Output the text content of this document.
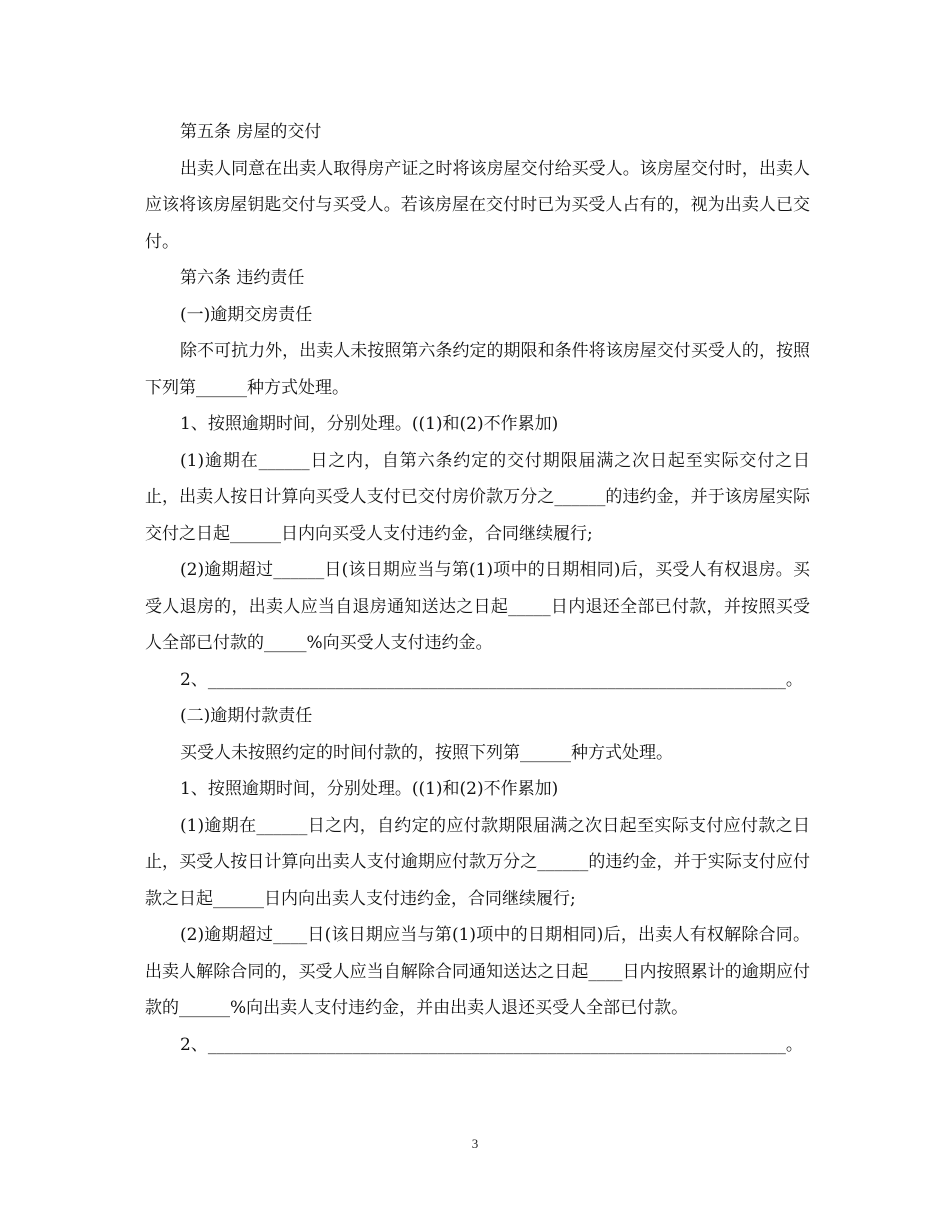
第五条 房屋的交付

出卖人同意在出卖人取得房产证之时将该房屋交付给买受人。该房屋交付时，出卖人应该将该房屋钥匙交付与买受人。若该房屋在交付时已为买受人占有的，视为出卖人已交付。

第六条 违约责任

(一)逾期交房责任

除不可抗力外，出卖人未按照第六条约定的期限和条件将该房屋交付买受人的，按照下列第______种方式处理。

1、按照逾期时间，分别处理。((1)和(2)不作累加)

(1)逾期在______日之内，自第六条约定的交付期限届满之次日起至实际交付之日止，出卖人按日计算向买受人支付已交付房价款万分之______的违约金，并于该房屋实际交付之日起______日内向买受人支付违约金，合同继续履行;

(2)逾期超过______日(该日期应当与第(1)项中的日期相同)后，买受人有权退房。买受人退房的，出卖人应当自退房通知送达之日起_____日内退还全部已付款，并按照买受人全部已付款的_____%向买受人支付违约金。

2、____________________________________________________________________。

(二)逾期付款责任

买受人未按照约定的时间付款的，按照下列第______种方式处理。

1、按照逾期时间，分别处理。((1)和(2)不作累加)

(1)逾期在______日之内，自约定的应付款期限届满之次日起至实际支付应付款之日止，买受人按日计算向出卖人支付逾期应付款万分之______的违约金，并于实际支付应付款之日起______日内向出卖人支付违约金，合同继续履行;

(2)逾期超过____日(该日期应当与第(1)项中的日期相同)后，出卖人有权解除合同。出卖人解除合同的，买受人应当自解除合同通知送达之日起____日内按照累计的逾期应付款的______%向出卖人支付违约金，并由出卖人退还买受人全部已付款。

2、____________________________________________________________________。

3
